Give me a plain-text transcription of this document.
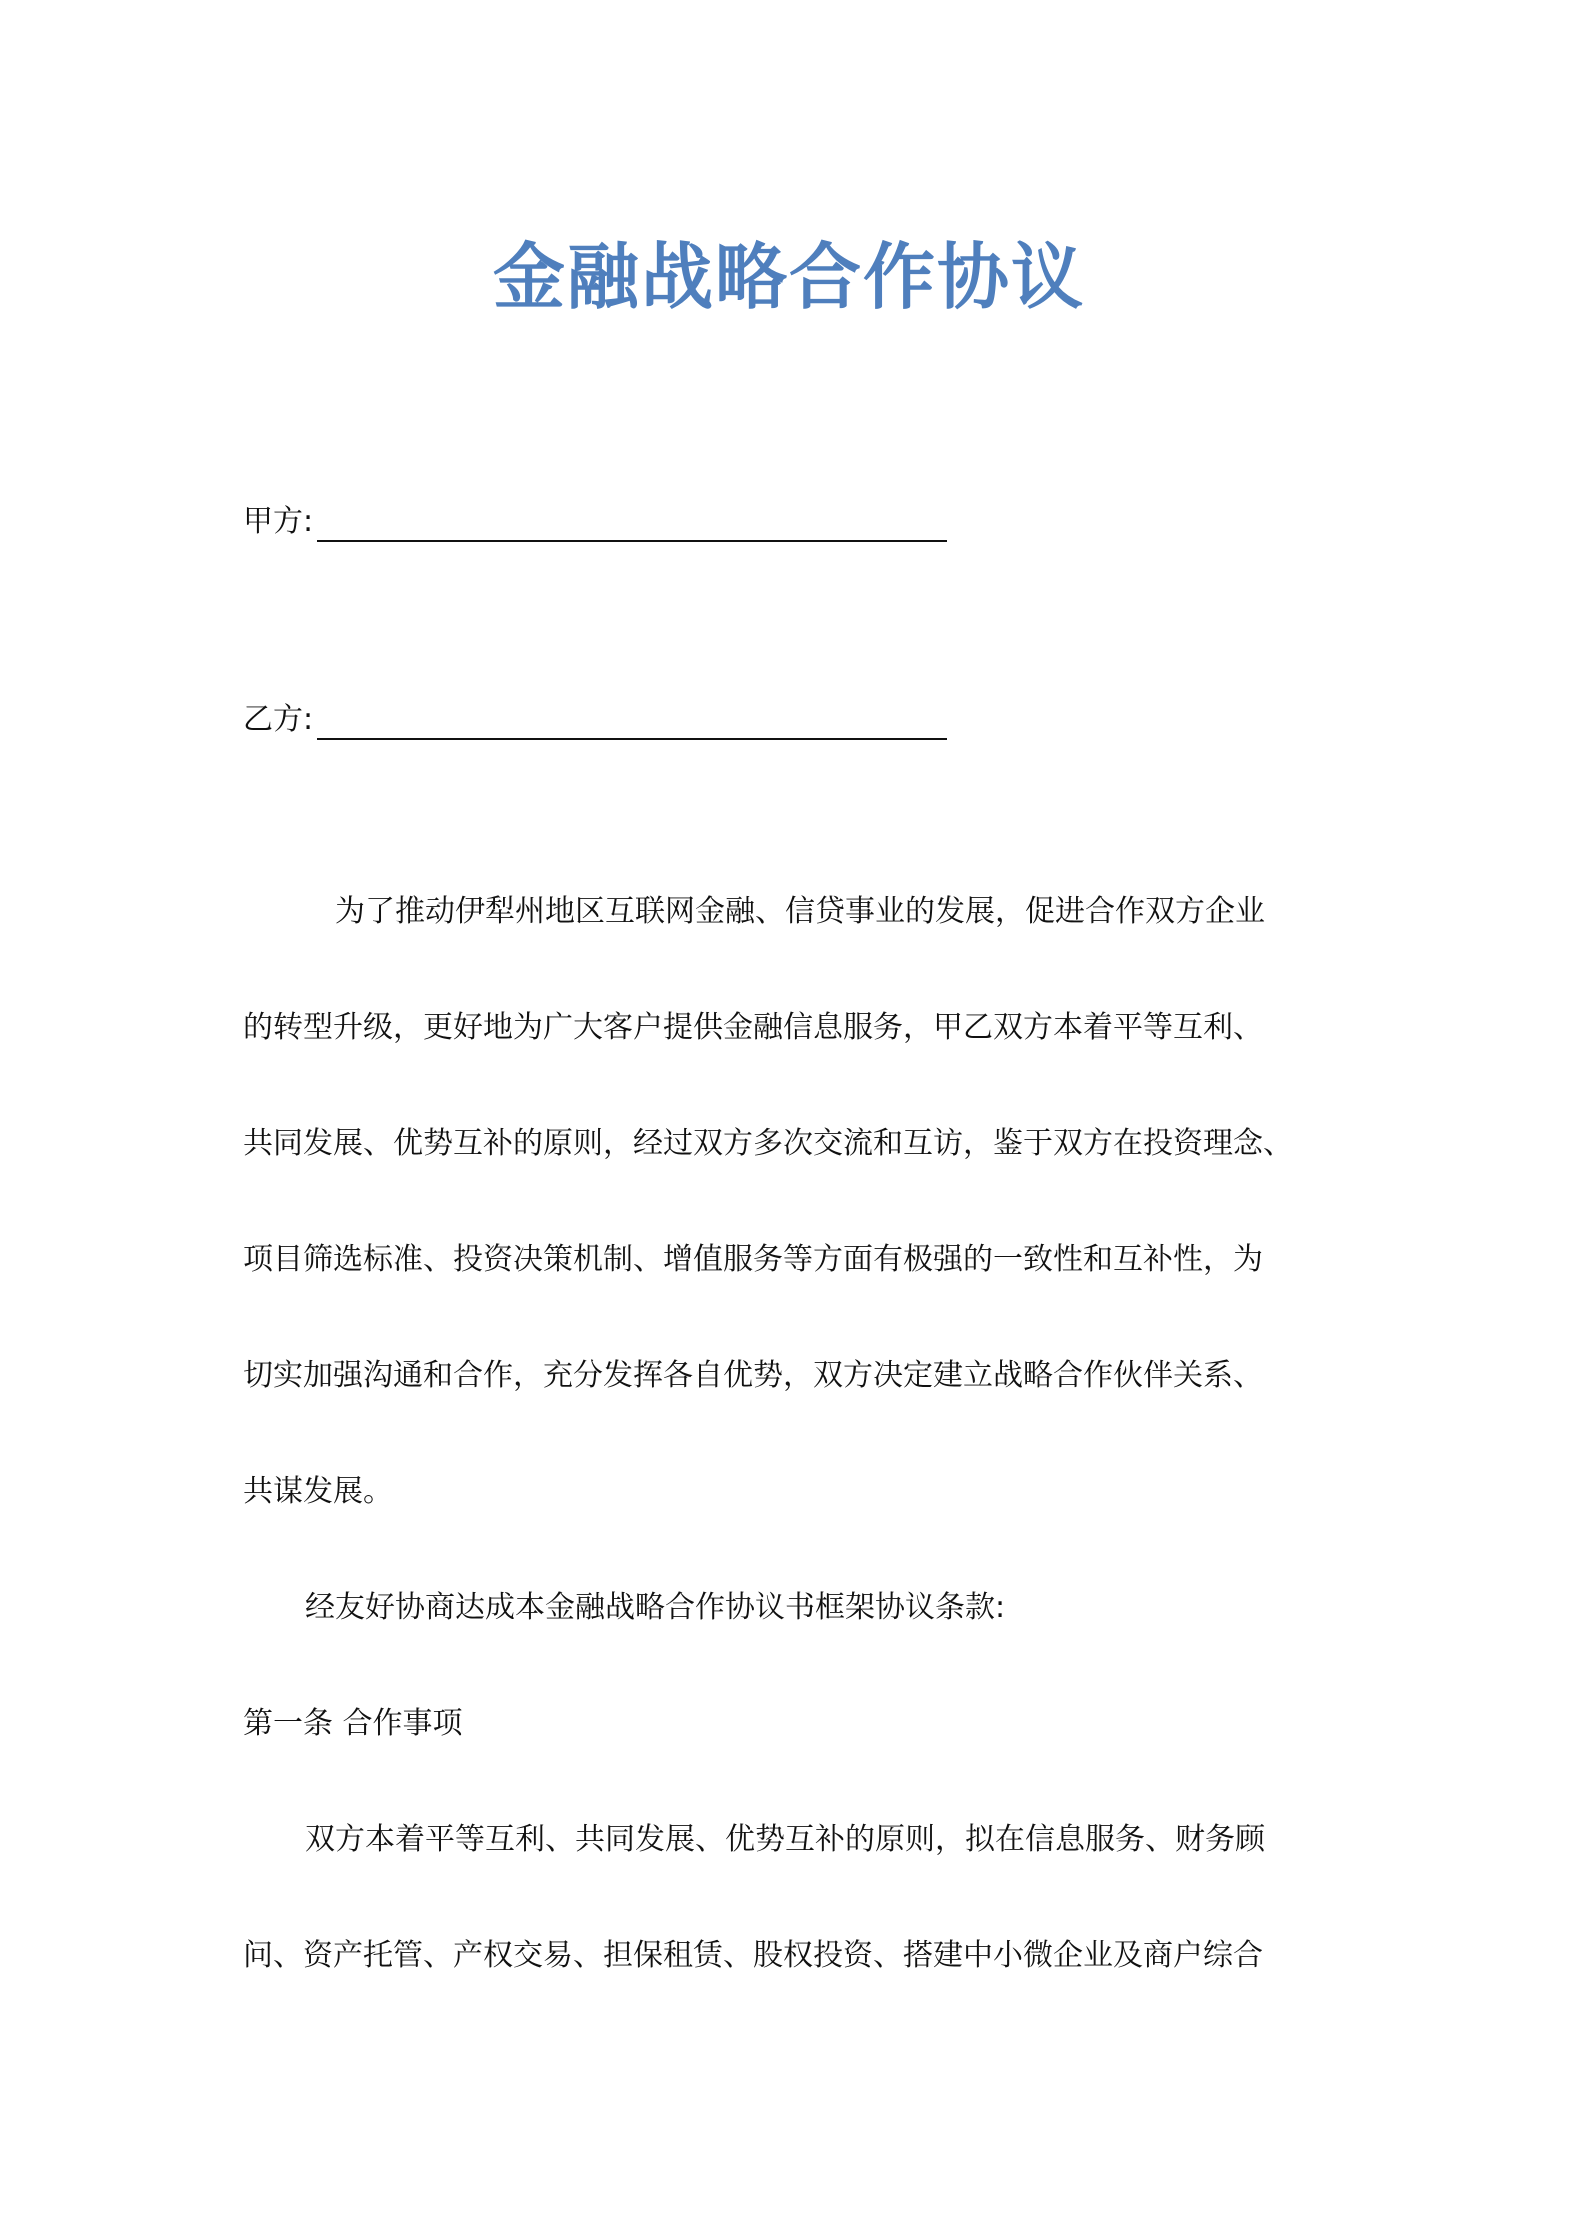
金融战略合作协议
甲方:
乙方:
为了推动伊犁州地区互联网金融、信贷事业的发展，促进合作双方企业
的转型升级，更好地为广大客户提供金融信息服务，甲乙双方本着平等互利、
共同发展、优势互补的原则，经过双方多次交流和互访，鉴于双方在投资理念、
项目筛选标准、投资决策机制、增值服务等方面有极强的一致性和互补性，为
切实加强沟通和合作，充分发挥各自优势，双方决定建立战略合作伙伴关系、
共谋发展。
经友好协商达成本金融战略合作协议书框架协议条款:
第一条 合作事项
双方本着平等互利、共同发展、优势互补的原则，拟在信息服务、财务顾
问、资产托管、产权交易、担保租赁、股权投资、搭建中小微企业及商户综合
